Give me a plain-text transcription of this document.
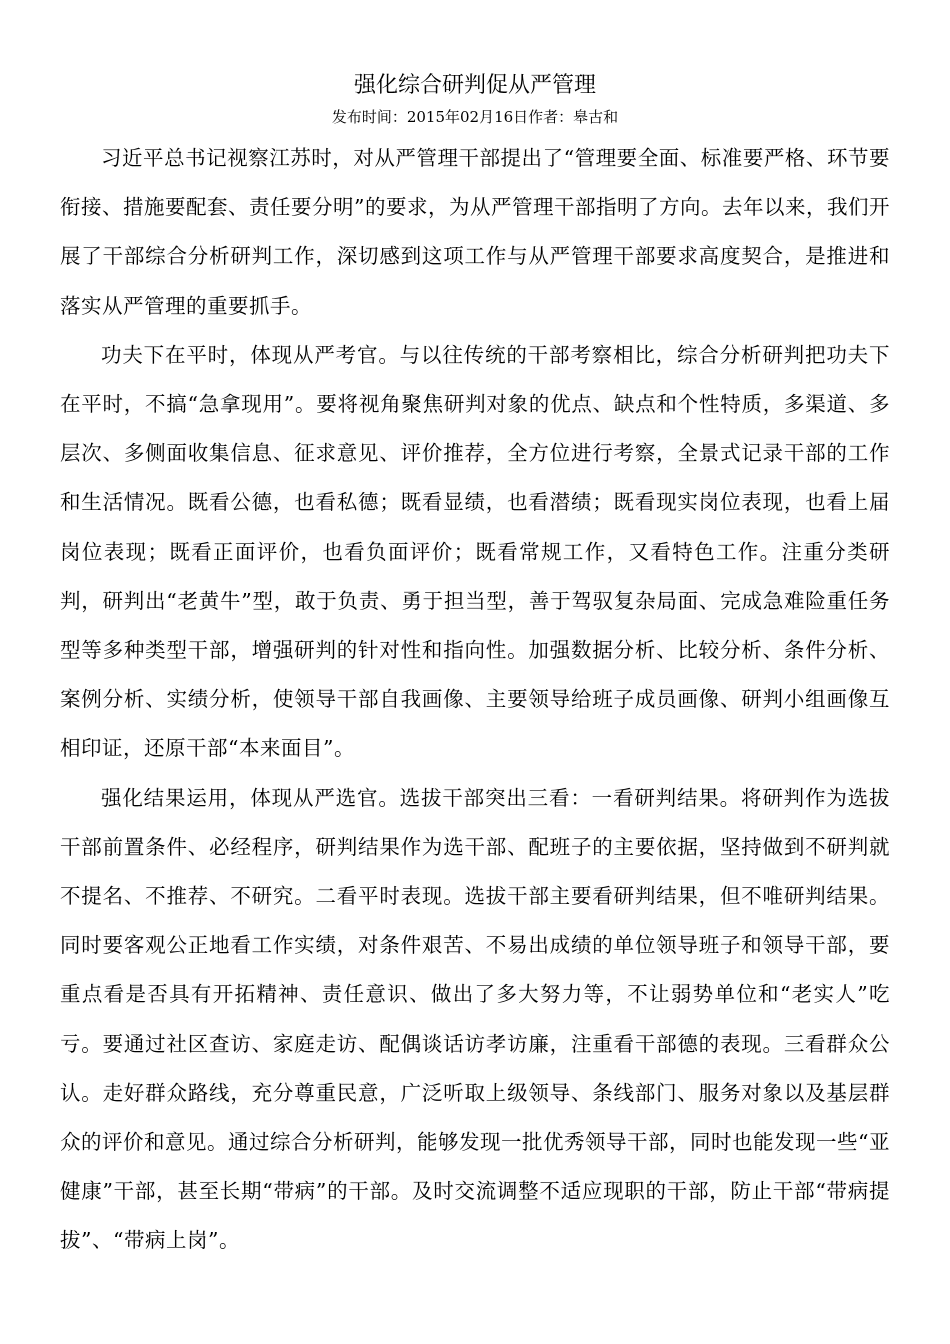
强化综合研判促从严管理
发布时间：2015年02月16日作者：皋古和

习近平总书记视察江苏时，对从严管理干部提出了“管理要全面、标准要严格、环节要衔接、措施要配套、责任要分明”的要求，为从严管理干部指明了方向。去年以来，我们开展了干部综合分析研判工作，深切感到这项工作与从严管理干部要求高度契合，是推进和落实从严管理的重要抓手。

功夫下在平时，体现从严考官。与以往传统的干部考察相比，综合分析研判把功夫下在平时，不搞“急拿现用”。要将视角聚焦研判对象的优点、缺点和个性特质，多渠道、多层次、多侧面收集信息、征求意见、评价推荐，全方位进行考察，全景式记录干部的工作和生活情况。既看公德，也看私德；既看显绩，也看潜绩；既看现实岗位表现，也看上届岗位表现；既看正面评价，也看负面评价；既看常规工作，又看特色工作。注重分类研判，研判出“老黄牛”型，敢于负责、勇于担当型，善于驾驭复杂局面、完成急难险重任务型等多种类型干部，增强研判的针对性和指向性。加强数据分析、比较分析、条件分析、案例分析、实绩分析，使领导干部自我画像、主要领导给班子成员画像、研判小组画像互相印证，还原干部“本来面目”。

强化结果运用，体现从严选官。选拔干部突出三看：一看研判结果。将研判作为选拔干部前置条件、必经程序，研判结果作为选干部、配班子的主要依据，坚持做到不研判就不提名、不推荐、不研究。二看平时表现。选拔干部主要看研判结果，但不唯研判结果。同时要客观公正地看工作实绩，对条件艰苦、不易出成绩的单位领导班子和领导干部，要重点看是否具有开拓精神、责任意识、做出了多大努力等，不让弱势单位和“老实人”吃亏。要通过社区查访、家庭走访、配偶谈话访孝访廉，注重看干部德的表现。三看群众公认。走好群众路线，充分尊重民意，广泛听取上级领导、条线部门、服务对象以及基层群众的评价和意见。通过综合分析研判，能够发现一批优秀领导干部，同时也能发现一些“亚健康”干部，甚至长期“带病”的干部。及时交流调整不适应现职的干部，防止干部“带病提拔”、“带病上岗”。
